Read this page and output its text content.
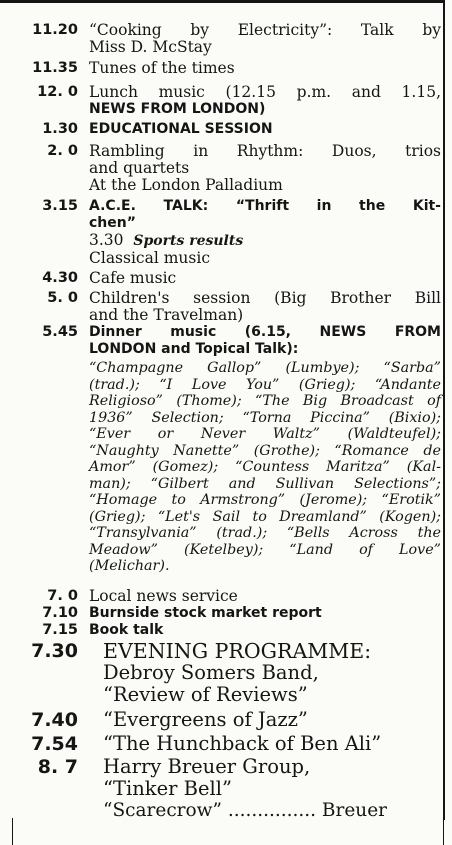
11.20 “Cooking by Electricity”: Talk by
Miss D. McStay
11.35 Tunes of the times
12. 0 Lunch music (12.15 p.m. and 1.15,
NEWS FROM LONDON)
1.30 EDUCATIONAL SESSION
2. 0 Rambling in Rhythm: Duos, trios
and quartets
At the London Palladium
3.15 A.C.E. TALK: “Thrift in the Kit-
chen”
3.30 Sports results
Classical music
4.30 Cafe music
5. 0 Children's session (Big Brother Bill
and the Travelman)
5.45 Dinner music (6.15, NEWS FROM
LONDON and Topical Talk):
“Champagne Gallop” (Lumbye); “Sarba”
(trad.); “I Love You” (Grieg); “Andante
Religioso” (Thome); “The Big Broadcast of
1936” Selection; “Torna Piccina” (Bixio);
“Ever or Never Waltz” (Waldteufel);
“Naughty Nanette” (Grothe); “Romance de
Amor” (Gomez); “Countess Maritza” (Kal-
man); “Gilbert and Sullivan Selections”;
“Homage to Armstrong” (Jerome); “Erotik”
(Grieg); “Let's Sail to Dreamland” (Kogen);
“Transylvania” (trad.); “Bells Across the
Meadow” (Ketelbey); “Land of Love”
(Melichar).
7. 0 Local news service
7.10 Burnside stock market report
7.15 Book talk
7.30 EVENING PROGRAMME:
Debroy Somers Band,
“Review of Reviews”
7.40 “Evergreens of Jazz”
7.54 “The Hunchback of Ben Ali”
8. 7 Harry Breuer Group,
“Tinker Bell”
“Scarecrow” ............... Breuer
